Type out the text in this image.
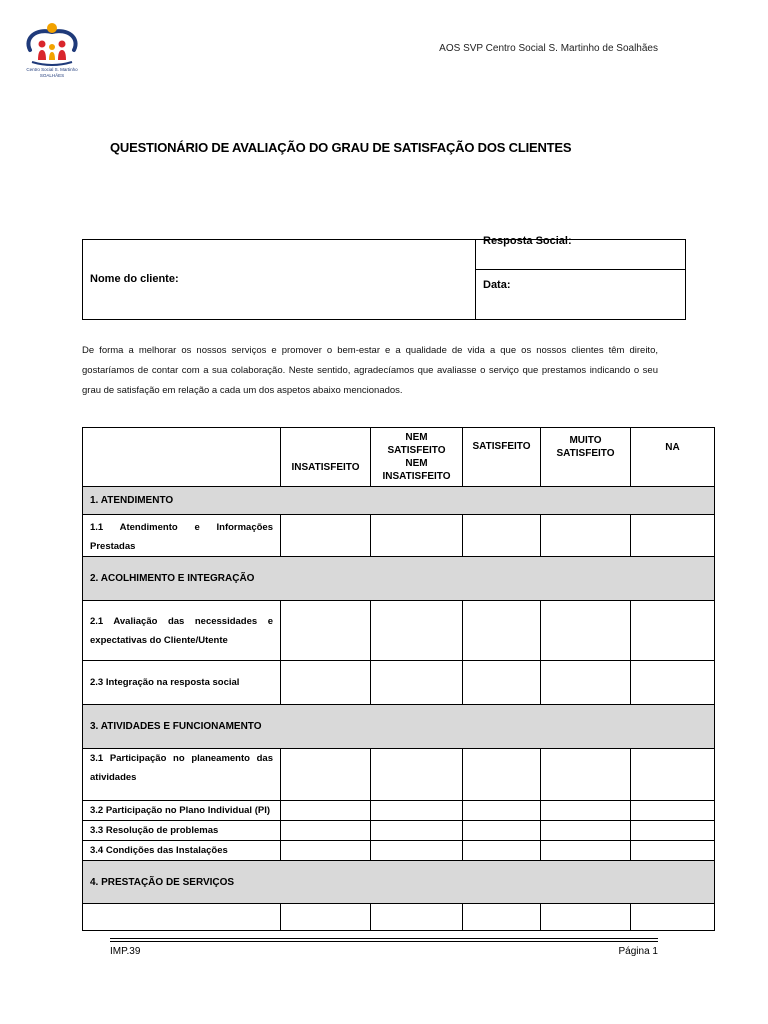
Centro Social S. Martinho
SOALHÃES
AOS SVP Centro Social S. Martinho de Soalhães
QUESTIONÁRIO DE AVALIAÇÃO DO GRAU DE SATISFAÇÃO DOS CLIENTES
Nome do cliente:
Resposta Social:
Data:
De forma a melhorar os nossos serviços e promover o bem-estar e a qualidade de vida a que os nossos clientes têm direito, gostaríamos de contar com a sua colaboração. Neste sentido, agradecíamos que avaliasse o serviço que prestamos indicando o seu grau de satisfação em relação a cada um dos aspetos abaixo mencionados.
	INSATISFEITO	NEM SATISFEITO NEM INSATISFEITO	SATISFEITO	MUITO SATISFEITO	NA
1. ATENDIMENTO					
1.1 Atendimento e Informações Prestadas					
2. ACOLHIMENTO E INTEGRAÇÃO					
2.1 Avaliação das necessidades e expectativas do Cliente/Utente					
2.3 Integração na resposta social					
3. ATIVIDADES E FUNCIONAMENTO					
3.1 Participação no planeamento das atividades					
3.2 Participação no Plano Individual (PI)					
3.3 Resolução de problemas					
3.4 Condições das Instalações					
4. PRESTAÇÃO DE SERVIÇOS					

IMP.39	Página 1
